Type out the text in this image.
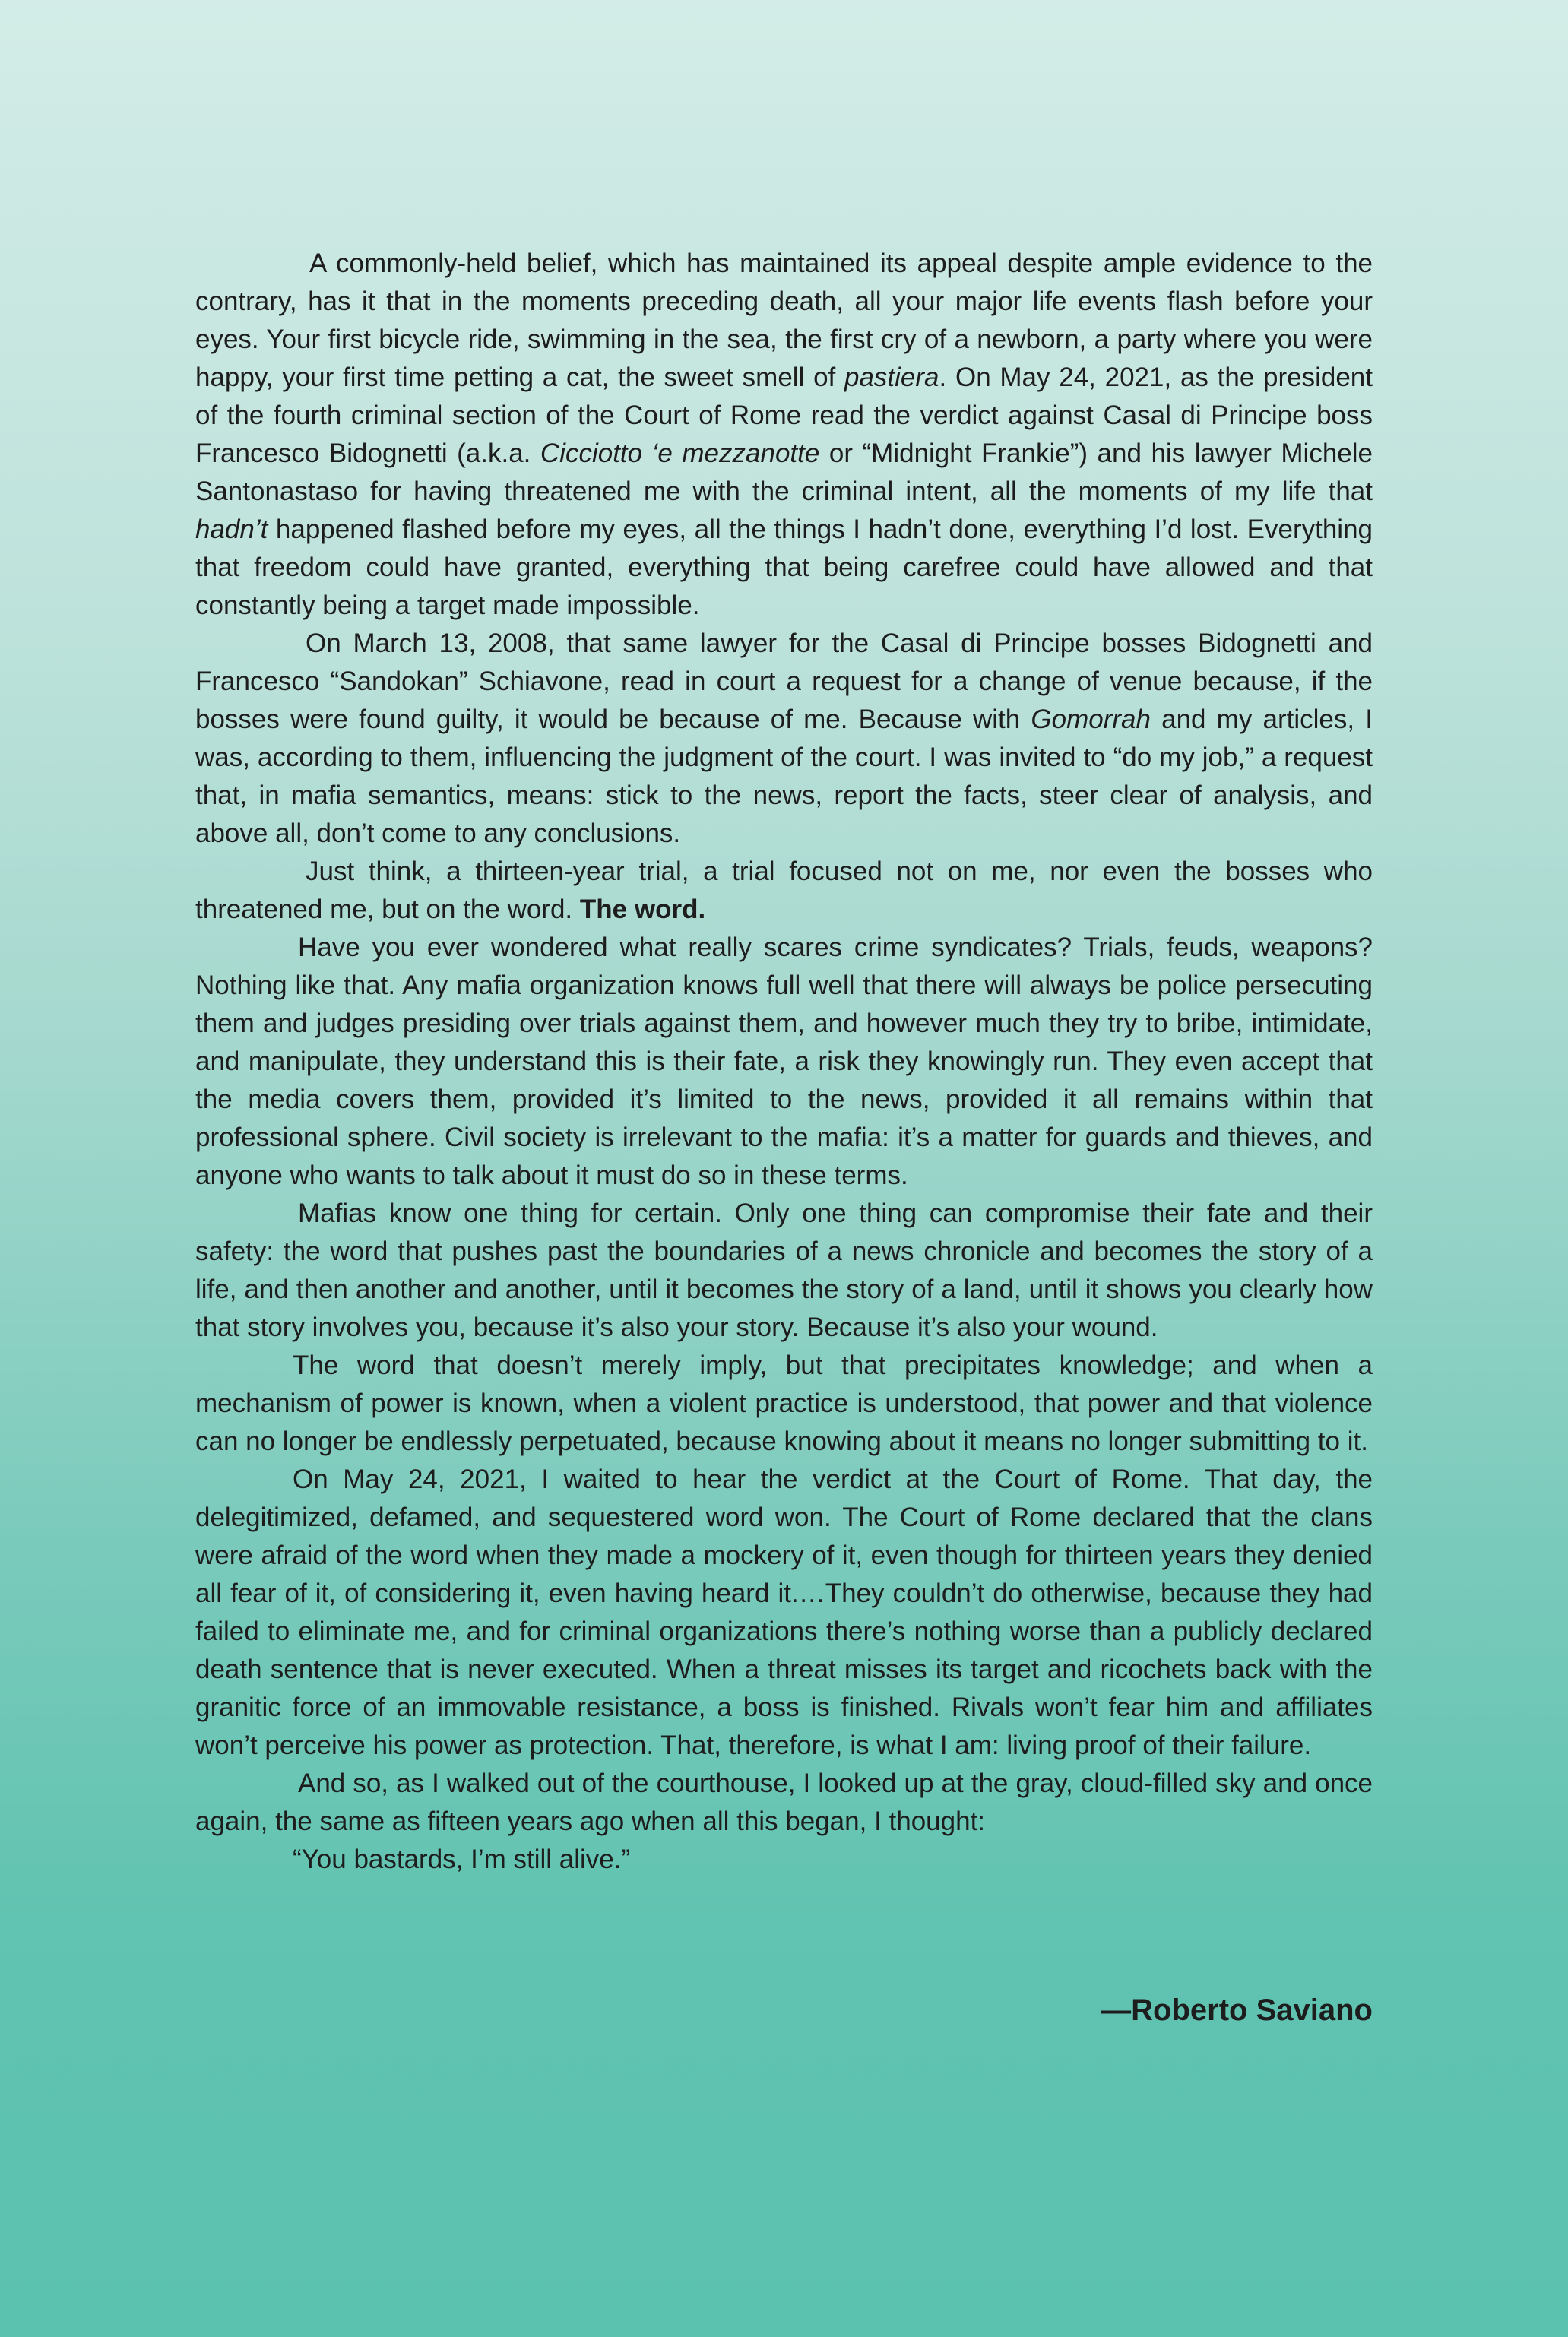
A commonly-held belief, which has maintained its appeal despite ample evidence to the contrary, has it that in the moments preceding death, all your major life events flash before your eyes. Your first bicycle ride, swimming in the sea, the first cry of a newborn, a party where you were happy, your first time petting a cat, the sweet smell of pastiera. On May 24, 2021, as the president of the fourth criminal section of the Court of Rome read the verdict against Casal di Principe boss Francesco Bidognetti (a.k.a. Cicciotto ‘e mezzanotte or “Midnight Frankie”) and his lawyer Michele Santonastaso for having threatened me with the criminal intent, all the moments of my life that hadn’t happened flashed before my eyes, all the things I hadn’t done, everything I’d lost. Everything that freedom could have granted, everything that being carefree could have allowed and that constantly being a target made impossible.

On March 13, 2008, that same lawyer for the Casal di Principe bosses Bidognetti and Francesco “Sandokan” Schiavone, read in court a request for a change of venue because, if the bosses were found guilty, it would be because of me. Because with Gomorrah and my articles, I was, according to them, influencing the judgment of the court. I was invited to “do my job,” a request that, in mafia semantics, means: stick to the news, report the facts, steer clear of analysis, and above all, don’t come to any conclusions.

Just think, a thirteen-year trial, a trial focused not on me, nor even the bosses who threatened me, but on the word. The word.

Have you ever wondered what really scares crime syndicates? Trials, feuds, weapons? Nothing like that. Any mafia organization knows full well that there will always be police persecuting them and judges presiding over trials against them, and however much they try to bribe, intimidate, and manipulate, they understand this is their fate, a risk they knowingly run. They even accept that the media covers them, provided it’s limited to the news, provided it all remains within that professional sphere. Civil society is irrelevant to the mafia: it’s a matter for guards and thieves, and anyone who wants to talk about it must do so in these terms.

Mafias know one thing for certain. Only one thing can compromise their fate and their safety: the word that pushes past the boundaries of a news chronicle and becomes the story of a life, and then another and another, until it becomes the story of a land, until it shows you clearly how that story involves you, because it’s also your story. Because it’s also your wound.

The word that doesn’t merely imply, but that precipitates knowledge; and when a mechanism of power is known, when a violent practice is understood, that power and that violence can no longer be endlessly perpetuated, because knowing about it means no longer submitting to it.

On May 24, 2021, I waited to hear the verdict at the Court of Rome. That day, the delegitimized, defamed, and sequestered word won. The Court of Rome declared that the clans were afraid of the word when they made a mockery of it, even though for thirteen years they denied all fear of it, of considering it, even having heard it.…They couldn’t do otherwise, because they had failed to eliminate me, and for criminal organizations there’s nothing worse than a publicly declared death sentence that is never executed. When a threat misses its target and ricochets back with the granitic force of an immovable resistance, a boss is finished. Rivals won’t fear him and affiliates won’t perceive his power as protection. That, therefore, is what I am: living proof of their failure.

And so, as I walked out of the courthouse, I looked up at the gray, cloud-filled sky and once again, the same as fifteen years ago when all this began, I thought:

“You bastards, I’m still alive.”

—Roberto Saviano
